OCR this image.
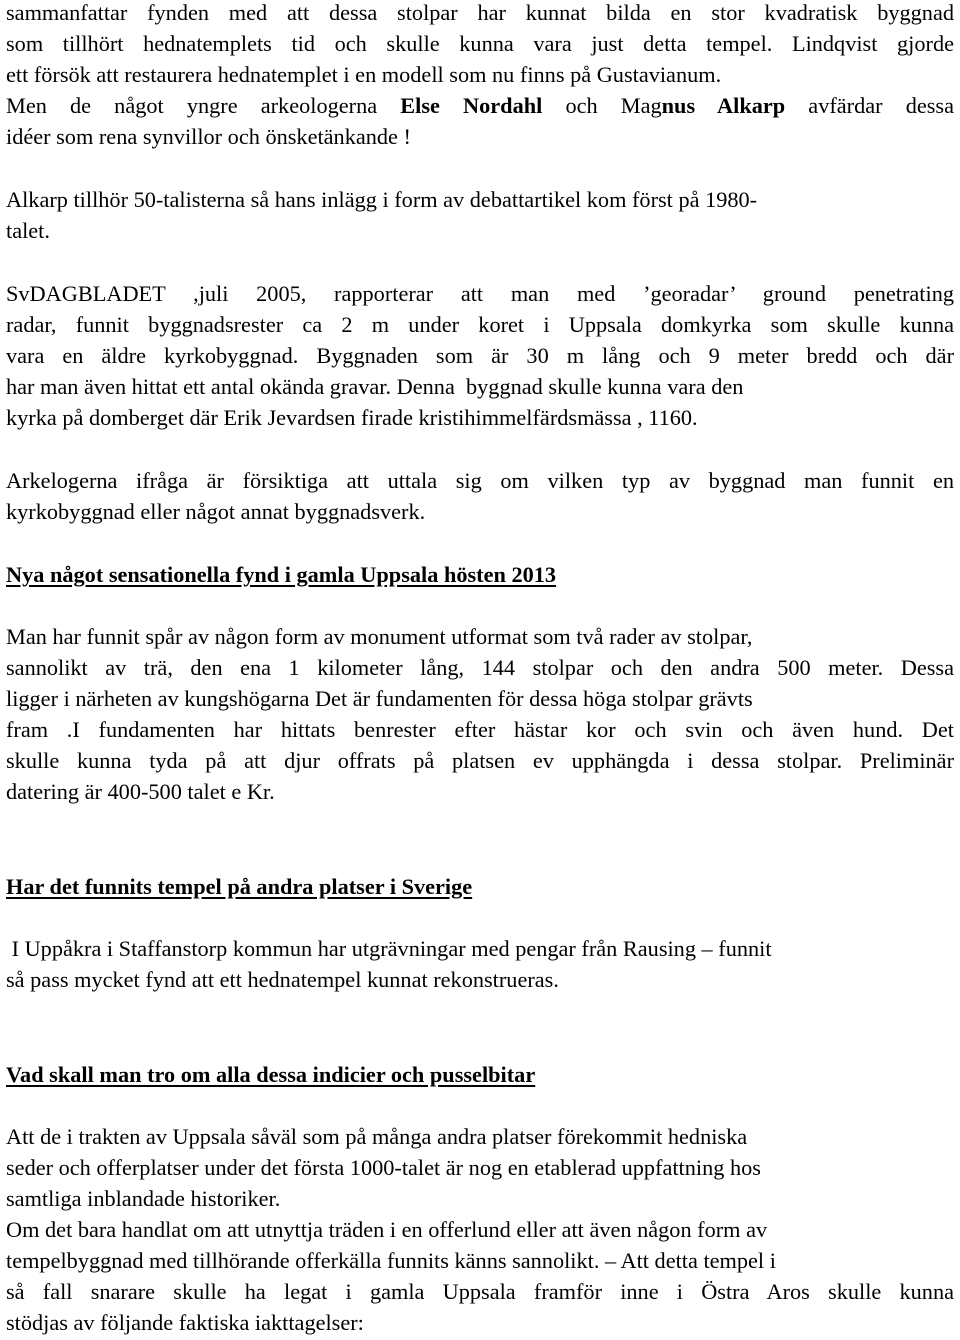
sammanfattar fynden med att dessa stolpar har kunnat bilda en stor kvadratisk byggnad
som tillhört hednatemplets tid och skulle kunna vara just detta tempel. Lindqvist gjorde
ett försök att restaurera hednatemplet i en modell som nu finns på Gustavianum.
Men de något yngre arkeologerna Else Nordahl och Magnus Alkarp avfärdar dessa
idéer som rena synvillor och önsketänkande !
Alkarp tillhör 50-talisterna så hans inlägg i form av debattartikel kom först på 1980-
talet.
SvDAGBLADET ,juli 2005, rapporterar att man med ’georadar’ ground penetrating
radar, funnit byggnadsrester ca 2 m under koret i Uppsala domkyrka som skulle kunna
vara en äldre kyrkobyggnad. Byggnaden som är 30 m lång och 9 meter bredd och där
har man även hittat ett antal okända gravar. Denna  byggnad skulle kunna vara den
kyrka på domberget där Erik Jevardsen firade kristihimmelfärdsmässa , 1160.
Arkelogerna ifråga är försiktiga att uttala sig om vilken typ av byggnad man funnit en
kyrkobyggnad eller något annat byggnadsverk.
Nya något sensationella fynd i gamla Uppsala hösten 2013
Man har funnit spår av någon form av monument utformat som två rader av stolpar,
sannolikt av trä, den ena 1 kilometer lång, 144 stolpar och den andra 500 meter. Dessa
ligger i närheten av kungshögarna Det är fundamenten för dessa höga stolpar grävts
fram .I fundamenten har hittats benrester efter hästar kor och svin och även hund. Det
skulle kunna tyda på att djur offrats på platsen ev upphängda i dessa stolpar. Preliminär
datering är 400-500 talet e Kr.
Har det funnits tempel på andra platser i Sverige
I Uppåkra i Staffanstorp kommun har utgrävningar med pengar från Rausing – funnit
så pass mycket fynd att ett hednatempel kunnat rekonstrueras.
Vad skall man tro om alla dessa indicier och pusselbitar
Att de i trakten av Uppsala såväl som på många andra platser förekommit hedniska
seder och offerplatser under det första 1000-talet är nog en etablerad uppfattning hos
samtliga inblandade historiker.
Om det bara handlat om att utnyttja träden i en offerlund eller att även någon form av
tempelbyggnad med tillhörande offerkälla funnits känns sannolikt. – Att detta tempel i
så fall snarare skulle ha legat i gamla Uppsala framför inne i Östra Aros skulle kunna
stödjas av följande faktiska iakttagelser:
